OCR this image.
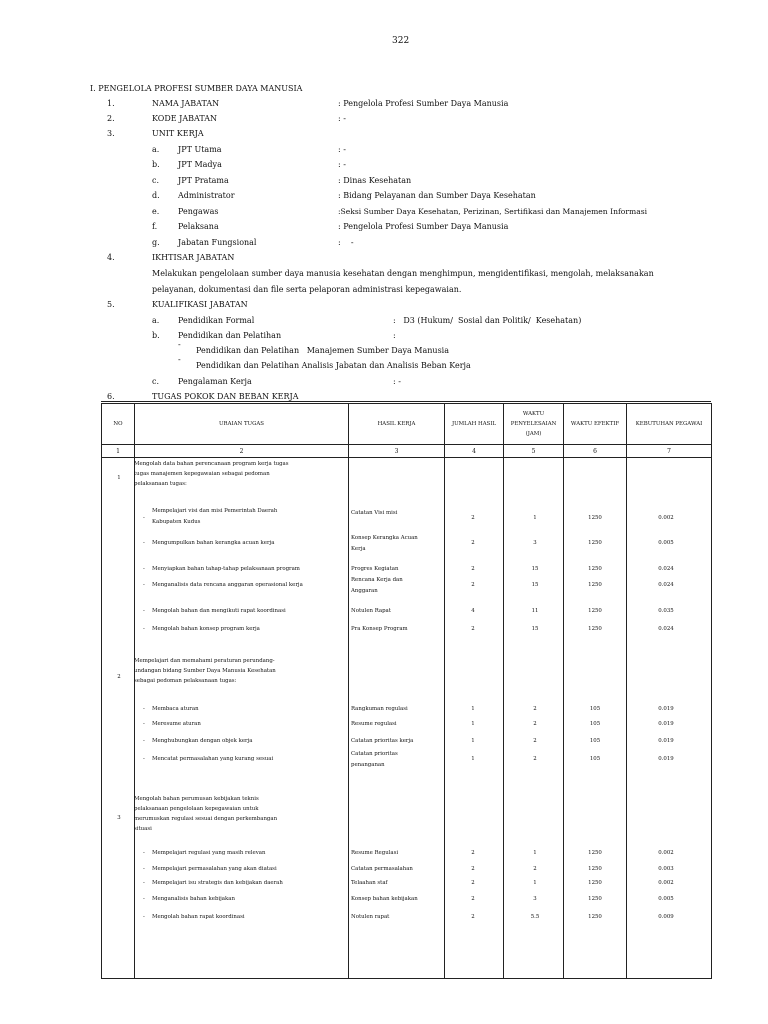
322
I. PENGELOLA PROFESI SUMBER DAYA MANUSIA
1.	NAMA JABATAN	: Pengelola Profesi Sumber Daya Manusia
2.	KODE JABATAN	: -
3.	UNIT KERJA
a. JPT Utama	: -
b. JPT Madya	: -
c. JPT Pratama	: Dinas Kesehatan
d. Administrator	: Bidang Pelayanan dan Sumber Daya Kesehatan
e. Pengawas	:Seksi Sumber Daya Kesehatan, Perizinan, Sertifikasi dan Manajemen Informasi
f.	Pelaksana	: Pengelola Profesi Sumber Daya Manusia
g. Jabatan Fungsional	:    -
4.	IKHTISAR JABATAN
Melakukan pengelolaan sumber daya manusia kesehatan dengan menghimpun, mengidentifikasi, mengolah, melaksanakan
pelayanan, dokumentasi dan file serta pelaporan administrasi kepegawaian.
5.	KUALIFIKASI JABATAN
a. Pendidikan Formal	:   D3 (Hukum/  Sosial dan Politik/  Kesehatan)
b. Pendidikan dan Pelatihan	:
-
Pendidikan dan Pelatihan   Manajemen Sumber Daya Manusia
-
Pendidikan dan Pelatihan Analisis Jabatan dan Analisis Beban Kerja
c. Pengalaman Kerja	: -
6.	TUGAS POKOK DAN BEBAN KERJA
NO	URAIAN TUGAS	HASIL KERJA	JUMLAH HASIL	WAKTU PENYELESAIAN (JAM)	WAKTU EFEKTIF	KEBUTUHAN PEGAWAI
1	2	3	4	5	6	7

1
Mengolah data bahan perencanaan program kerja tugas
tugas manajemen kepegawaian sebagai pedoman
pelaksanaan tugas:
-
Mempelajari visi dan misi Pemerintah Daerah
Kabupaten Kudus
Catatan Visi misi
2	1	1250	0.002
- Mengumpulkan bahan kerangka acuan kerja
Konsep Kerangka Acuan
Kerja
2	3	1250	0.005
- Menyiapkan bahan tahap-tahap pelaksanaan program	Progres Kegiatan	2	15	1250	0.024
- Menganalisis data rencana anggaran operasional kerja
Rencana Kerja dan
Anggaran
2	15	1250	0.024
- Mengolah bahan dan mengikuti rapat koordinasi	Notulen Rapat	4	11	1250	0.035
- Mengolah bahan konsep program kerja	Pra Konsep Program	2	15	1250	0.024
2
Mempelajari dan memahami peraturan perundang-
undangan bidang Sumber Daya Manusia Kesehatan
sebagai pedoman pelaksanaan tugas:
- Membaca aturan	Rangkuman regulasi	1	2	105	0.019
- Meresume aturan	Resume regulasi	1	2	105	0.019
- Menghubungkan dengan objek kerja	Catatan prioritas kerja	1	2	105	0.019
- Mencatat permasalahan yang kurang sesuai
Catatan prioritas
penanganan
1	2	105	0.019
3
Mengolah bahan perumusan kebijakan teknis
pelaksanaan pengelolaan kepegawaian untuk
merumuskan regulasi sesuai dengan perkembangan
situasi
- Mempelajari regulasi yang masih relevan	Resume Regulasi	2	1	1250	0.002
- Mempelajari permasalahan yang akan diatasi	Catatan permasalahan	2	2	1250	0.003
- Mempelajari isu strategis dan kebijakan daerah	Telaahan staf	2	1	1250	0.002
- Menganalisis bahan kebijakan	Konsep bahan kebijakan	2	3	1250	0.005
- Mengolah bahan rapat koordinasi	Notulen rapat	2	5.5	1250	0.009
